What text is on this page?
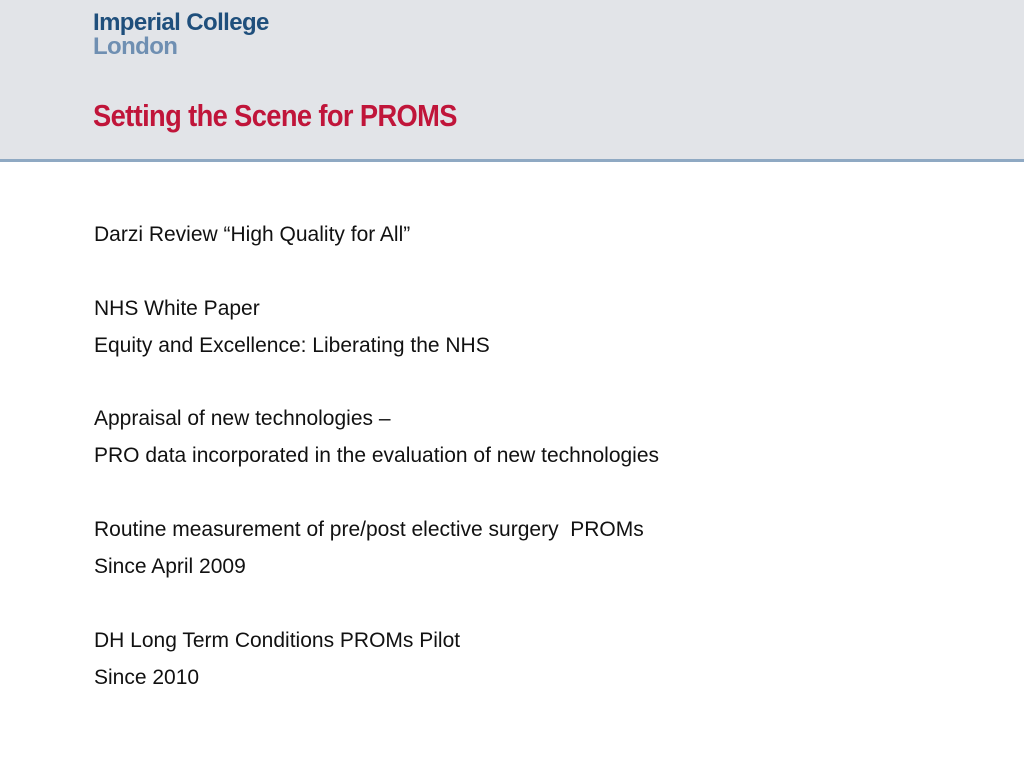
Imperial College
London
Setting the Scene for PROMS
Darzi Review “High Quality for All”
NHS White Paper
Equity and Excellence: Liberating the NHS
Appraisal of new technologies –
PRO data incorporated in the evaluation of new technologies
Routine measurement of pre/post elective surgery  PROMs
Since April 2009
DH Long Term Conditions PROMs Pilot
Since 2010
